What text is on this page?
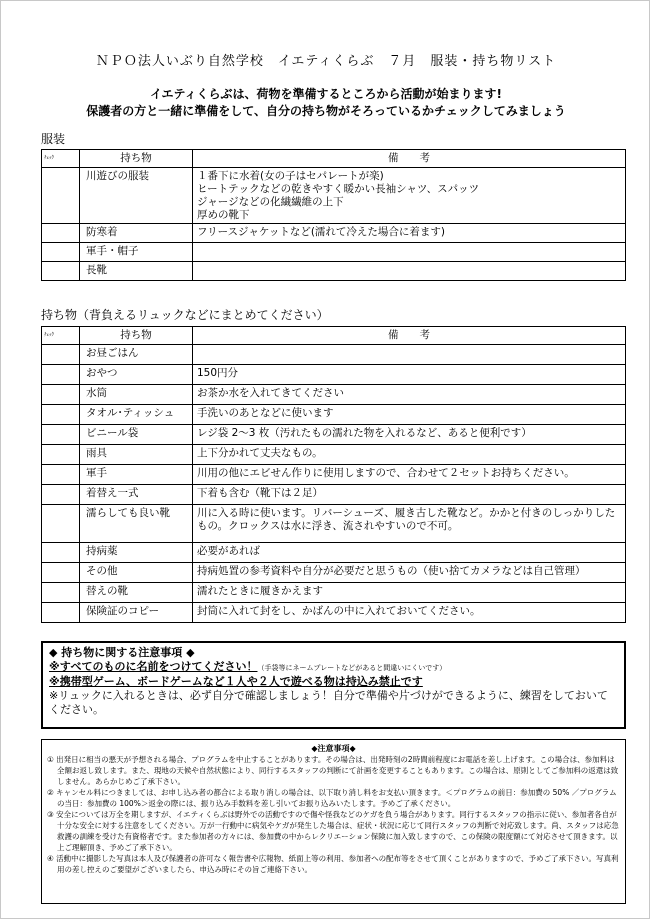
ＮＰＯ法人いぶり自然学校　イエティくらぶ　７月　服装・持ち物リスト
イエティくらぶは、荷物を準備するところから活動が始まります!
保護者の方と一緒に準備をして、自分の持ち物がそろっているかチェックしてみましょう
服装
ﾁｪｯｸ	持ち物	備　　考
	川遊びの服装	１番下に水着(女の子はセパレートが楽)
ヒートテックなどの乾きやすく暖かい長袖シャツ、スパッツ
ジャージなどの化繊繊維の上下
厚めの靴下

	防寒着	フリースジャケットなど(濡れて冷えた場合に着ます)
	軍手・帽子	
	長靴	
持ち物（背負えるリュックなどにまとめてください）
ﾁｪｯｸ	持ち物	備　　考
	お昼ごはん	
	おやつ	150円分
	水筒	お茶か水を入れてきてください
	タオル･ティッシュ	手洗いのあとなどに使います
	ビニール袋	レジ袋 2～3 枚（汚れたもの濡れた物を入れるなど、あると便利です）
	雨具	上下分かれて丈夫なもの。
	軍手	川用の他にエビせん作りに使用しますので、合わせて２セットお持ちください。
	着替え一式	下着も含む（靴下は２足）
	濡らしても良い靴	川に入る時に使います。リバーシューズ、履き古した靴など。かかと付きのしっかりしたもの。クロックスは水に浮き、流されやすいので不可。
	持病薬	必要があれば
	その他	持病処置の参考資料や自分が必要だと思うもの（使い捨てカメラなどは自己管理）
	替えの靴	濡れたときに履きかえます
	保険証のコピー	封筒に入れて封をし、かばんの中に入れておいてください。
◆ 持ち物に関する注意事項 ◆
※すべてのものに名前をつけてください！（手袋等にネームプレートなどがあると間違いにくいです）
※携帯型ゲーム、ボードゲームなど１人や２人で遊べる物は持込み禁止です
※リュックに入れるときは、必ず自分で確認しましょう！自分で準備や片づけができるように、練習をしておいてください。
◆注意事項◆
① 出発日に相当の悪天が予想される場合、プログラムを中止することがあります。その場合は、出発時刻の2時間前程度にお電話を差し上げます。この場合は、参加料は全額お返し致します。また、現地の天候や自然状態により、同行するスタッフの判断にて計画を変更することもあります。この場合は、原則としてご参加料の返還は致しません。あらかじめご了承下さい。
② キャンセル料につきましては、お申し込み者の都合による取り消しの場合は、以下取り消し料をお支払い頂きます。＜プログラムの前日：参加費の 50% ／プログラムの当日：参加費の 100%＞返金の際には、振り込み手数料を差し引いてお振り込みいたします。予めご了承ください。
③ 安全については万全を期しますが、イエティくらぶは野外での活動ですので傷や怪我などのケガを負う場合があります。同行するスタッフの指示に従い、参加者各自が十分な安全に対する注意をしてください。万が一行動中に病気やケガが発生した場合は、症状・状況に応じて同行スタッフの判断で対応致します。尚、スタッフは応急救護の訓練を受けた有資格者です。また参加者の方々には、参加費の中からレクリエーション保険に加入致しますので、この保険の限度額にて対応させて頂きます。以上ご理解頂き、予めご了承下さい。
④ 活動中に撮影した写真は本人及び保護者の許可なく報告書や広報物、紙面上等の利用、参加者への配布等をさせて頂くことがありますので、予めご了承下さい。写真利用の差し控えのご要望がございましたら、申込み時にその旨ご連絡下さい。
